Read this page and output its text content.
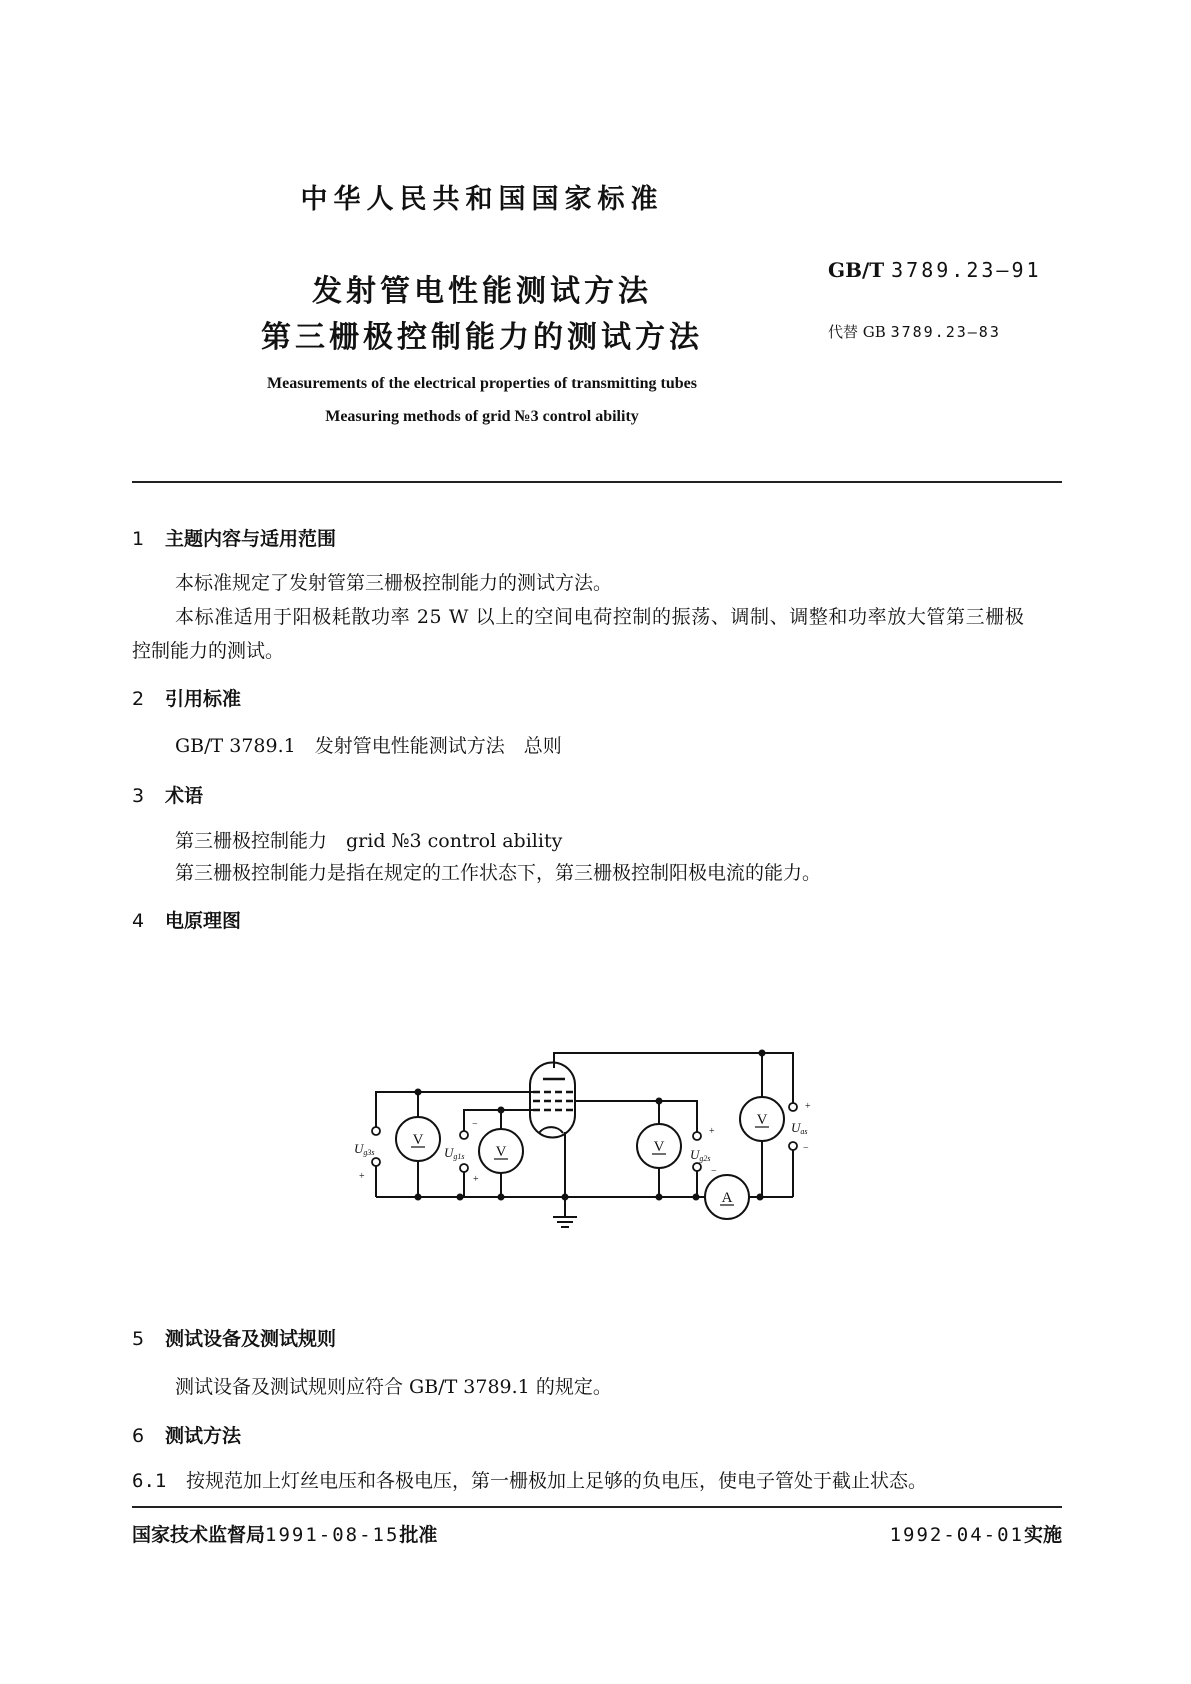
中华人民共和国国家标准
发射管电性能测试方法
第三栅极控制能力的测试方法
GB/T 3789.23—91
代替 GB 3789.23—83
Measurements of the electrical properties of transmitting tubes
Measuring methods of grid №3 control ability
1 主题内容与适用范围
本标准规定了发射管第三栅极控制能力的测试方法。
本标准适用于阳极耗散功率 25 W 以上的空间电荷控制的振荡、调制、调整和功率放大管第三栅极
控制能力的测试。
2 引用标准
GB/T 3789.1　发射管电性能测试方法　总则
3 术语
第三栅极控制能力　grid №3 control ability
第三栅极控制能力是指在规定的工作状态下，第三栅极控制阳极电流的能力。
4 电原理图
V
V	V
V
A
Ug3s	Ug1s	Ug2s
Uas
+
−
+
+
−
+
−
5 测试设备及测试规则
测试设备及测试规则应符合 GB/T 3789.1 的规定。
6 测试方法
6.1 按规范加上灯丝电压和各极电压，第一栅极加上足够的负电压，使电子管处于截止状态。
国家技术监督局1991-08-15批准	1992-04-01实施
